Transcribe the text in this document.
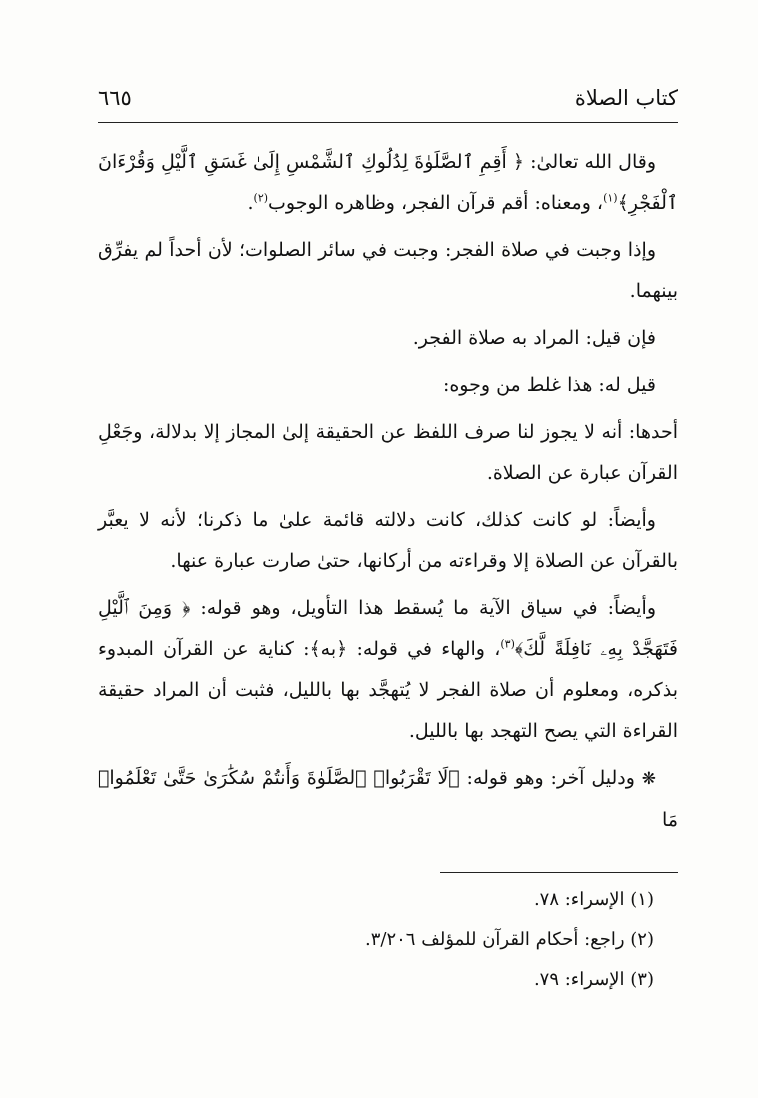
كتاب الصلاة
٦٦٥

وقال الله تعالىٰ: ﴿ أَقِمِ ٱلصَّلَوٰةَ لِدُلُوكِ ٱلشَّمْسِ إِلَىٰ غَسَقِ ٱلَّيْلِ وَقُرْءَانَ ٱلْفَجْرِ﴾$^{(١)}$، ومعناه: أقم قرآن الفجر، وظاهره الوجوب$^{(٢)}$.

وإذا وجبت في صلاة الفجر: وجبت في سائر الصلوات؛ لأن أحداً لم يفرِّق بينهما.

فإن قيل: المراد به صلاة الفجر.

قيل له: هذا غلط من وجوه:

أحدها: أنه لا يجوز لنا صرف اللفظ عن الحقيقة إلىٰ المجاز إلا بدلالة، وجَعْلِ القرآن عبارة عن الصلاة.

وأيضاً: لو كانت كذلك، كانت دلالته قائمة علىٰ ما ذكرنا؛ لأنه لا يعبَّر بالقرآن عن الصلاة إلا وقراءته من أركانها، حتىٰ صارت عبارة عنها.

وأيضاً: في سياق الآية ما يُسقط هذا التأويل، وهو قوله: ﴿ وَمِنَ ٱلَّيْلِ فَتَهَجَّدْ بِهِۦ نَافِلَةً لَّكَ﴾$^{(٣)}$، والهاء في قوله: ﴿به﴾: كناية عن القرآن المبدوء بذكره، ومعلوم أن صلاة الفجر لا يُتهجَّد بها بالليل، فثبت أن المراد حقيقة القراءة التي يصح التهجد بها بالليل.

❋ ودليل آخر: وهو قوله: ﴿لَا تَقْرَبُوا۟ ٱلصَّلَوٰةَ وَأَنتُمْ سُكَٰرَىٰ حَتَّىٰ تَعْلَمُوا۟ مَا

(١) الإسراء: ٧٨.
(٢) راجع: أحكام القرآن للمؤلف ٣/٢٠٦.
(٣) الإسراء: ٧٩.
